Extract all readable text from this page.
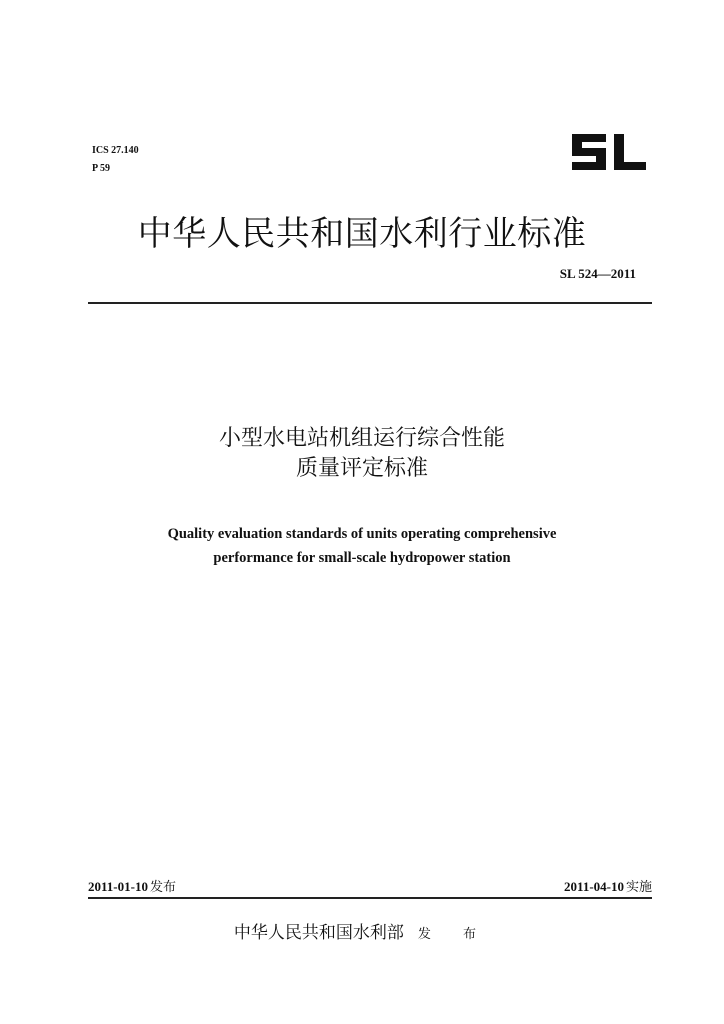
ICS 27.140
P 59
中华人民共和国水利行业标准
SL 524—2011
小型水电站机组运行综合性能
质量评定标准
Quality evaluation standards of units operating comprehensive
performance for small-scale hydropower station
2011-01-10 发布	2011-04-10 实施
中华人民共和国水利部 发 布
